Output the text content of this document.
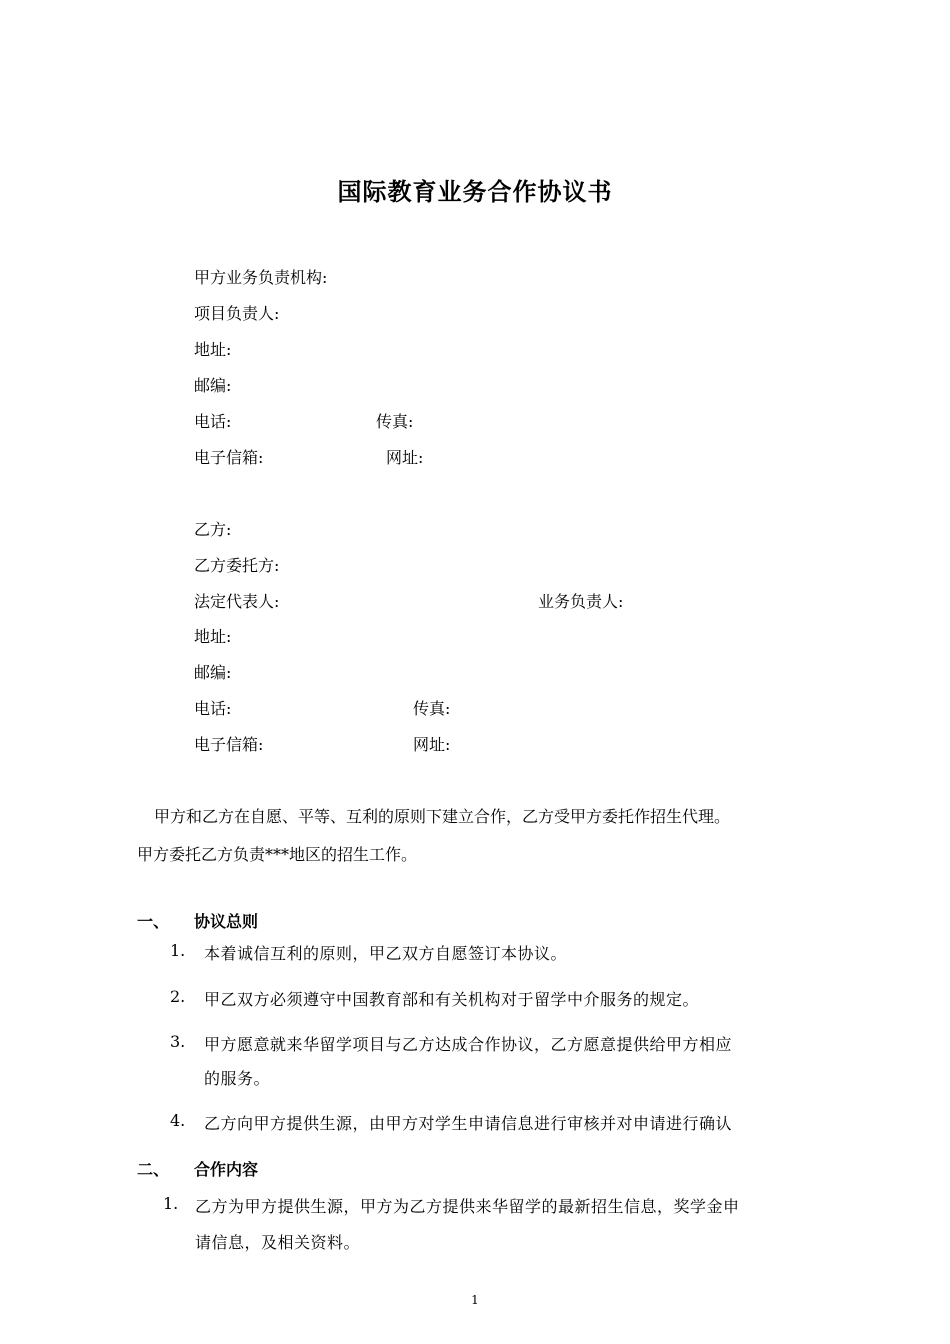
国际教育业务合作协议书
甲方业务负责机构:
项目负责人:
地址:
邮编:
电话:	传真:
电子信箱:	网址:
乙方:
乙方委托方:
法定代表人:	业务负责人:
地址:
邮编:
电话:	传真:
电子信箱:	网址:
甲方和乙方在自愿、平等、互利的原则下建立合作，乙方受甲方委托作招生代理。
甲方委托乙方负责***地区的招生工作。
一、 协议总则
1. 本着诚信互利的原则，甲乙双方自愿签订本协议。
2. 甲乙双方必须遵守中国教育部和有关机构对于留学中介服务的规定。
3. 甲方愿意就来华留学项目与乙方达成合作协议，乙方愿意提供给甲方相应
的服务。
4. 乙方向甲方提供生源，由甲方对学生申请信息进行审核并对申请进行确认
二、 合作内容
1. 乙方为甲方提供生源，甲方为乙方提供来华留学的最新招生信息，奖学金申
请信息，及相关资料。
1
